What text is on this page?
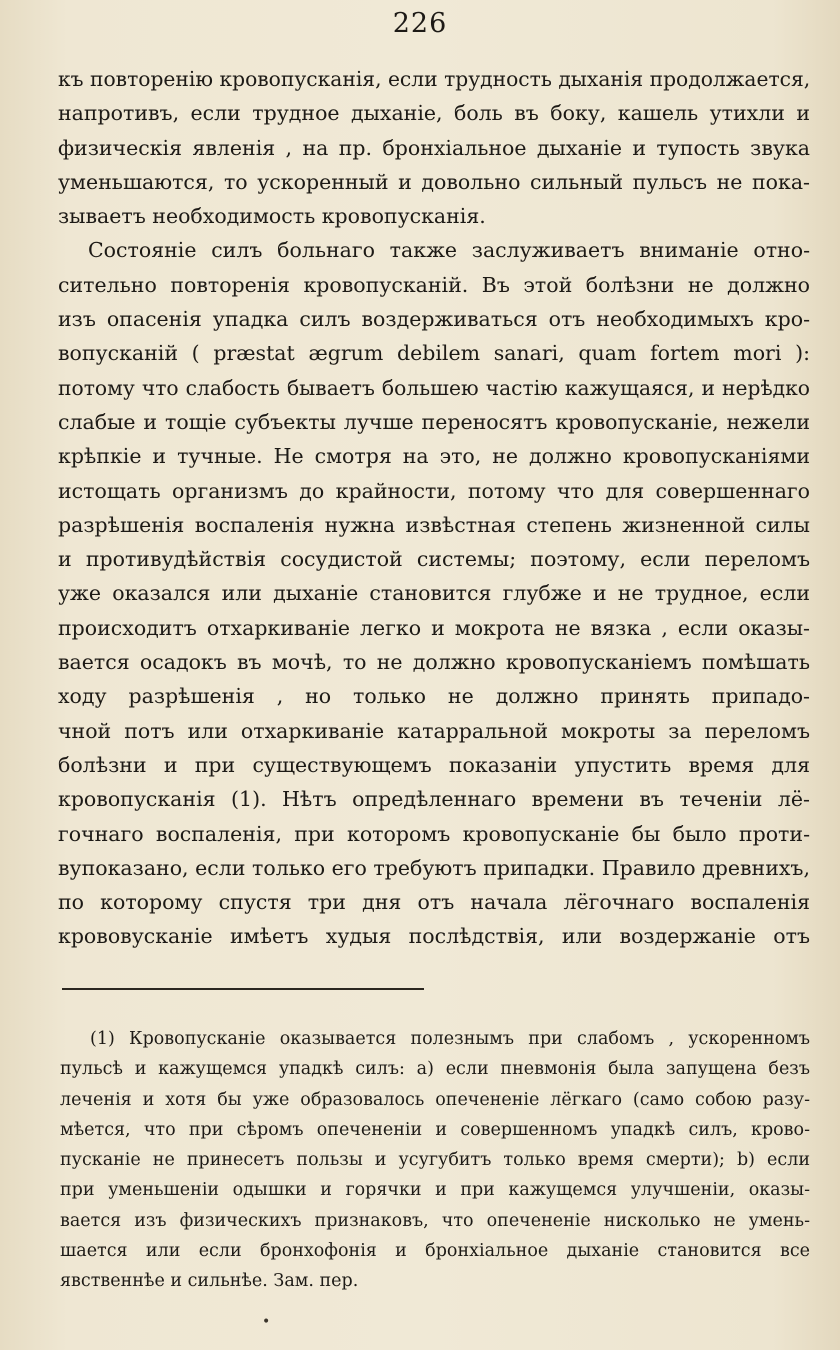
226
къ повторенію кровопусканія, если трудность дыханія продолжается,
напротивъ, если трудное дыханіе, боль въ боку, кашель утихли и
физическія явленія , на пр. бронхіальное дыханіе и тупость звука
уменьшаются, то ускоренный и довольно сильный пульсъ не пока-
зываетъ необходимость кровопусканія.
Состояніе силъ больнаго также заслуживаетъ вниманіе отно-
сительно повторенія кровопусканій. Въ этой болѣзни не должно
изъ опасенія упадка силъ воздерживаться отъ необходимыхъ кро-
вопусканій ( præstat ægrum debilem sanari, quam fortem mori ):
потому что слабость бываетъ большею частію кажущаяся, и нерѣдко
слабые и тощіе субъекты лучше переносятъ кровопусканіе, нежели
крѣпкіе и тучные. Не смотря на это, не должно кровопусканіями
истощать организмъ до крайности, потому что для совершеннаго
разрѣшенія воспаленія нужна извѣстная степень жизненной силы
и противудѣйствія сосудистой системы; поэтому, если переломъ
уже оказался или дыханіе становится глубже и не трудное, если
происходитъ отхаркиваніе легко и мокрота не вязка , если оказы-
вается осадокъ въ мочѣ, то не должно кровопусканіемъ помѣшать
ходу разрѣшенія , но только не должно принять припадо-
чной потъ или отхаркиваніе катарральной мокроты за переломъ
болѣзни и при существующемъ показаніи упустить время для
кровопусканія (1). Нѣтъ опредѣленнаго времени въ теченіи лё-
гочнаго воспаленія, при которомъ кровопусканіе бы было проти-
вупоказано, если только его требуютъ припадки. Правило древнихъ,
по которому спустя три дня отъ начала лёгочнаго воспаленія
крововусканіе имѣетъ худыя послѣдствія, или воздержаніе отъ
(1) Кровопусканіе оказывается полезнымъ при слабомъ , ускоренномъ
пульсѣ и кажущемся упадкѣ силъ: a) если пневмонія была запущена безъ
леченія и хотя бы уже образовалось опечененіе лёгкаго (само собою разу-
мѣется, что при сѣромъ опечененіи и совершенномъ упадкѣ силъ, крово-
пусканіе не принесетъ пользы и усугубитъ только время смерти); b) если
при уменьшеніи одышки и горячки и при кажущемся улучшеніи, оказы-
вается изъ физическихъ признаковъ, что опечененіе нисколько не умень-
шается или если бронхофонія и бронхіальное дыханіе становится все
явственнѣе и сильнѣе. Зам. пер.
•
